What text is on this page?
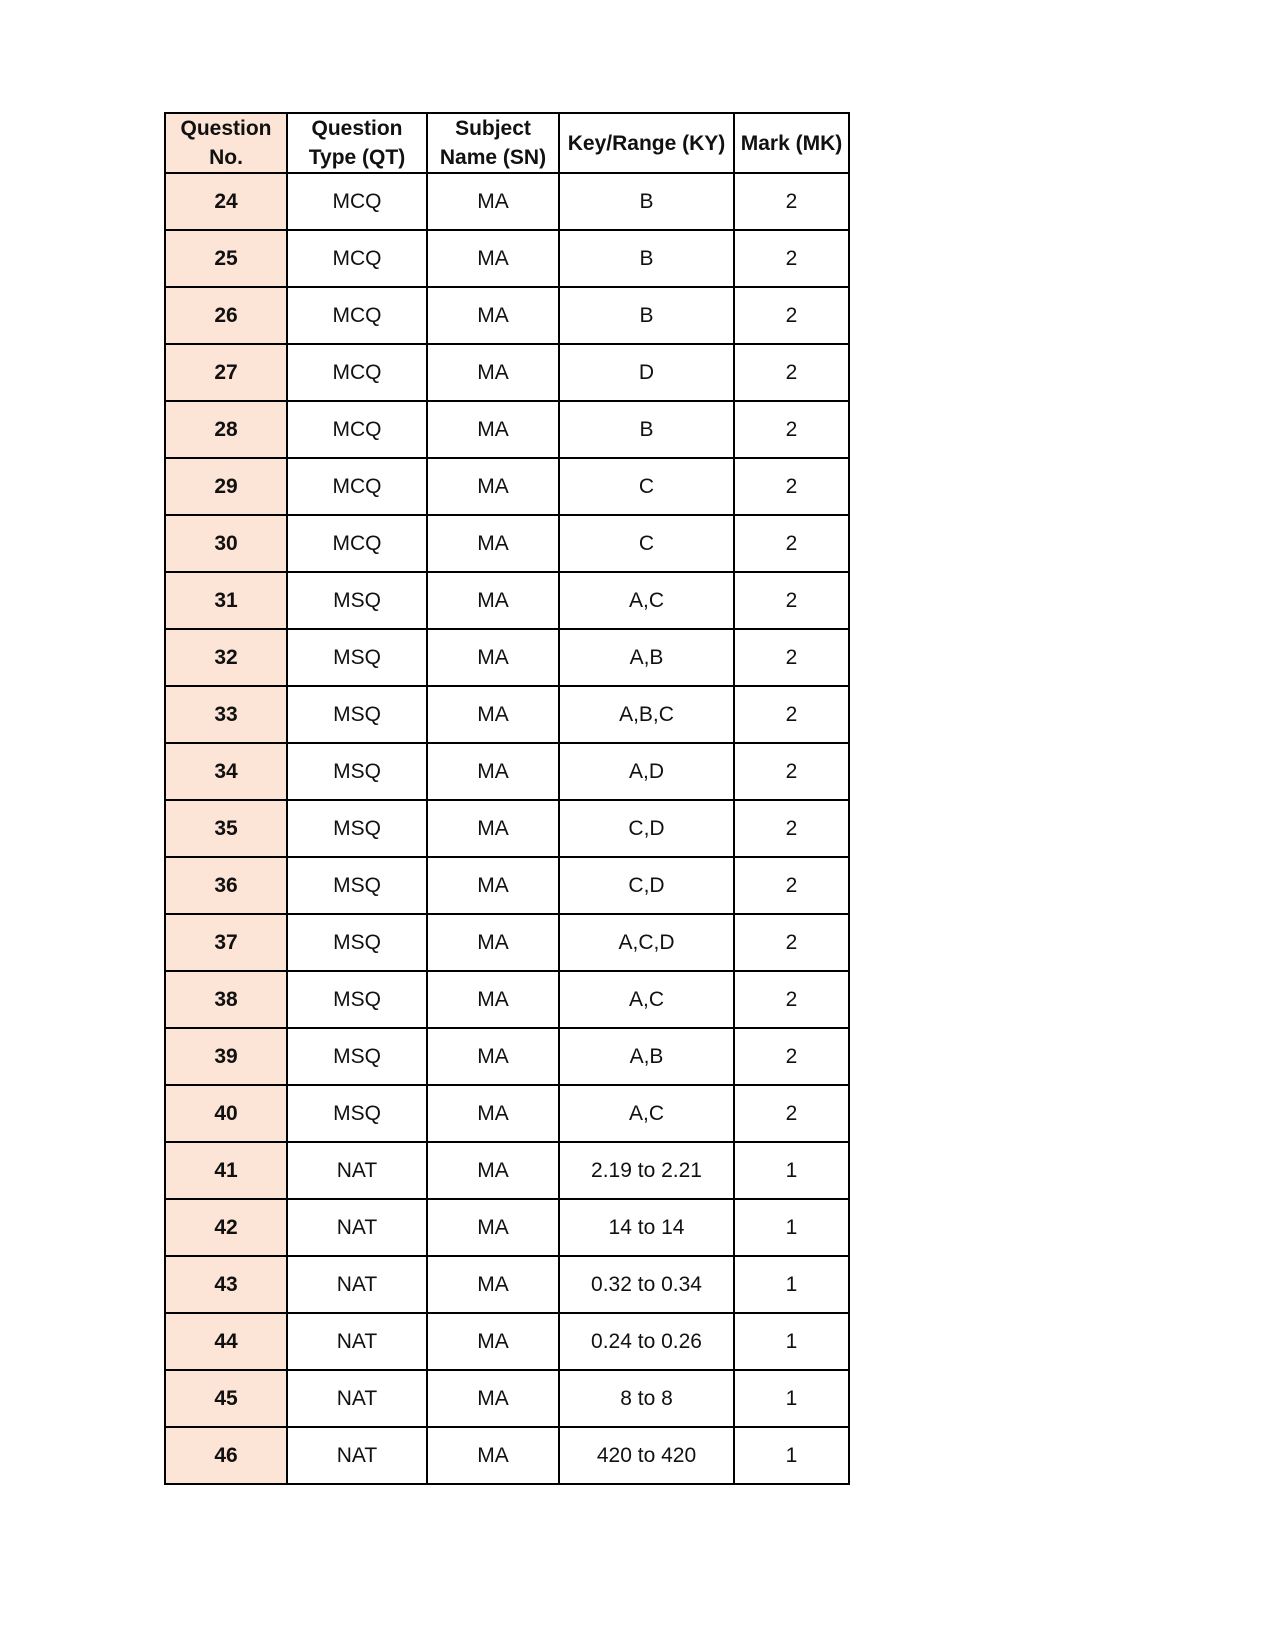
Question No.	Question Type (QT)	Subject Name (SN)	Key/Range (KY)	Mark (MK)
24	MCQ	MA	B	2
25	MCQ	MA	B	2
26	MCQ	MA	B	2
27	MCQ	MA	D	2
28	MCQ	MA	B	2
29	MCQ	MA	C	2
30	MCQ	MA	C	2
31	MSQ	MA	A,C	2
32	MSQ	MA	A,B	2
33	MSQ	MA	A,B,C	2
34	MSQ	MA	A,D	2
35	MSQ	MA	C,D	2
36	MSQ	MA	C,D	2
37	MSQ	MA	A,C,D	2
38	MSQ	MA	A,C	2
39	MSQ	MA	A,B	2
40	MSQ	MA	A,C	2
41	NAT	MA	2.19 to 2.21	1
42	NAT	MA	14 to 14	1
43	NAT	MA	0.32 to 0.34	1
44	NAT	MA	0.24 to 0.26	1
45	NAT	MA	8 to 8	1
46	NAT	MA	420 to 420	1
